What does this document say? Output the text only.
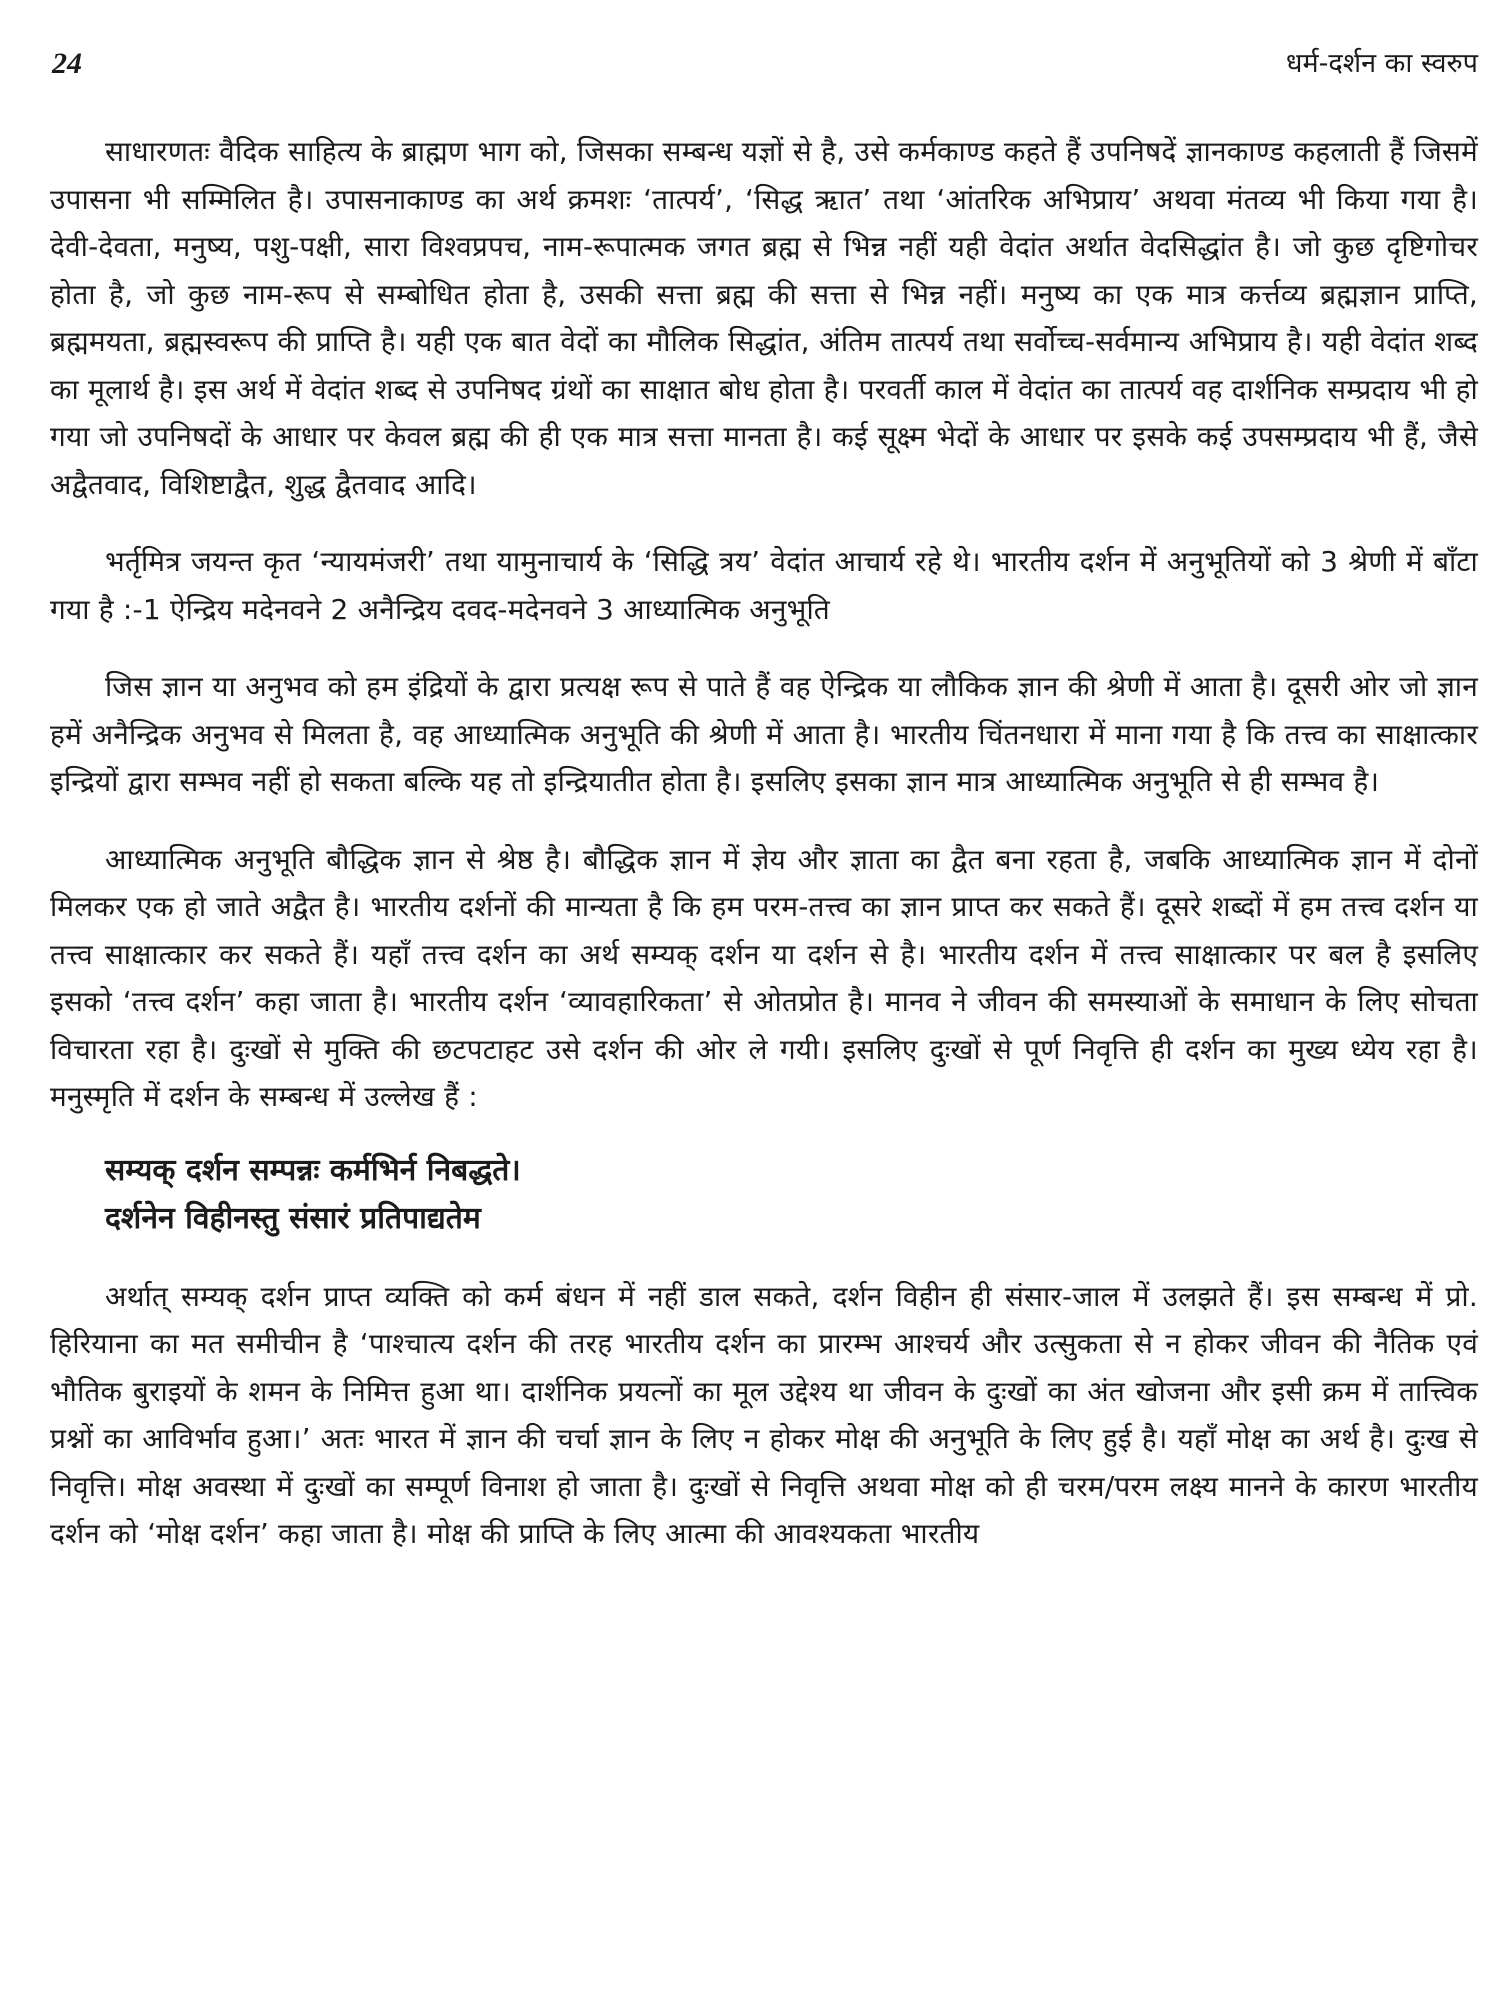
24	धर्म-दर्शन का स्वरुप

साधारणतः वैदिक साहित्य के ब्राह्मण भाग को, जिसका सम्बन्ध यज्ञों से है, उसे कर्मकाण्ड कहते हैं उपनिषदें ज्ञानकाण्ड कहलाती हैं जिसमें उपासना भी सम्मिलित है। उपासनाकाण्ड का अर्थ क्रमशः ‘तात्पर्य’, ‘सिद्ध ऋात’ तथा ‘आंतरिक अभिप्राय’ अथवा मंतव्य भी किया गया है। देवी-देवता, मनुष्य, पशु-पक्षी, सारा विश्वप्रपच, नाम-रूपात्मक जगत ब्रह्म से भिन्न नहीं यही वेदांत अर्थात वेदसिद्धांत है। जो कुछ दृष्टिगोचर होता है, जो कुछ नाम-रूप से सम्बोधित होता है, उसकी सत्ता ब्रह्म की सत्ता से भिन्न नहीं। मनुष्य का एक मात्र कर्त्तव्य ब्रह्मज्ञान प्राप्ति, ब्रह्ममयता, ब्रह्मस्वरूप की प्राप्ति है। यही एक बात वेदों का मौलिक सिद्धांत, अंतिम तात्पर्य तथा सर्वोच्च-सर्वमान्य अभिप्राय है। यही वेदांत शब्द का मूलार्थ है। इस अर्थ में वेदांत शब्द से उपनिषद ग्रंथों का साक्षात बोध होता है। परवर्ती काल में वेदांत का तात्पर्य वह दार्शनिक सम्प्रदाय भी हो गया जो उपनिषदों के आधार पर केवल ब्रह्म की ही एक मात्र सत्ता मानता है। कई सूक्ष्म भेदों के आधार पर इसके कई उपसम्प्रदाय भी हैं, जैसे अद्वैतवाद, विशिष्टाद्वैत, शुद्ध द्वैतवाद आदि।

भर्तृमित्र जयन्त कृत ‘न्यायमंजरी’ तथा यामुनाचार्य के ‘सिद्धि त्रय’ वेदांत आचार्य रहे थे। भारतीय दर्शन में अनुभूतियों को 3 श्रेणी में बाँटा गया है :-1 ऐन्द्रिय मदेनवने 2 अनैन्द्रिय दवद-मदेनवने 3 आध्यात्मिक अनुभूति

जिस ज्ञान या अनुभव को हम इंद्रियों के द्वारा प्रत्यक्ष रूप से पाते हैं वह ऐन्द्रिक या लौकिक ज्ञान की श्रेणी में आता है। दूसरी ओर जो ज्ञान हमें अनैन्द्रिक अनुभव से मिलता है, वह आध्यात्मिक अनुभूति की श्रेणी में आता है। भारतीय चिंतनधारा में माना गया है कि तत्त्व का साक्षात्कार इन्द्रियों द्वारा सम्भव नहीं हो सकता बल्कि यह तो इन्द्रियातीत होता है। इसलिए इसका ज्ञान मात्र आध्यात्मिक अनुभूति से ही सम्भव है।

आध्यात्मिक अनुभूति बौद्धिक ज्ञान से श्रेष्ठ है। बौद्धिक ज्ञान में ज्ञेय और ज्ञाता का द्वैत बना रहता है, जबकि आध्यात्मिक ज्ञान में दोनों मिलकर एक हो जाते अद्वैत है। भारतीय दर्शनों की मान्यता है कि हम परम-तत्त्व का ज्ञान प्राप्त कर सकते हैं। दूसरे शब्दों में हम तत्त्व दर्शन या तत्त्व साक्षात्कार कर सकते हैं। यहाँ तत्त्व दर्शन का अर्थ सम्यक् दर्शन या दर्शन से है। भारतीय दर्शन में तत्त्व साक्षात्कार पर बल है इसलिए इसको ‘तत्त्व दर्शन’ कहा जाता है। भारतीय दर्शन ‘व्यावहारिकता’ से ओतप्रोत है। मानव ने जीवन की समस्याओं के समाधान के लिए सोचता विचारता रहा है। दुःखों से मुक्ति की छटपटाहट उसे दर्शन की ओर ले गयी। इसलिए दुःखों से पूर्ण निवृत्ति ही दर्शन का मुख्य ध्येय रहा है। मनुस्मृति में दर्शन के सम्बन्ध में उल्लेख हैं :

सम्यक् दर्शन सम्पन्नः कर्मभिर्न निबद्धते।
दर्शनेन विहीनस्तु संसारं प्रतिपाद्यतेम

अर्थात् सम्यक् दर्शन प्राप्त व्यक्ति को कर्म बंधन में नहीं डाल सकते, दर्शन विहीन ही संसार-जाल में उलझते हैं। इस सम्बन्ध में प्रो. हिरियाना का मत समीचीन है ‘पाश्चात्य दर्शन की तरह भारतीय दर्शन का प्रारम्भ आश्चर्य और उत्सुकता से न होकर जीवन की नैतिक एवं भौतिक बुराइयों के शमन के निमित्त हुआ था। दार्शनिक प्रयत्नों का मूल उद्देश्य था जीवन के दुःखों का अंत खोजना और इसी क्रम में तात्त्विक प्रश्नों का आविर्भाव हुआ।’ अतः भारत में ज्ञान की चर्चा ज्ञान के लिए न होकर मोक्ष की अनुभूति के लिए हुई है। यहाँ मोक्ष का अर्थ है। दुःख से निवृत्ति। मोक्ष अवस्था में दुःखों का सम्पूर्ण विनाश हो जाता है। दुःखों से निवृत्ति अथवा मोक्ष को ही चरम/परम लक्ष्य मानने के कारण भारतीय दर्शन को ‘मोक्ष दर्शन’ कहा जाता है। मोक्ष की प्राप्ति के लिए आत्मा की आवश्यकता भारतीय
